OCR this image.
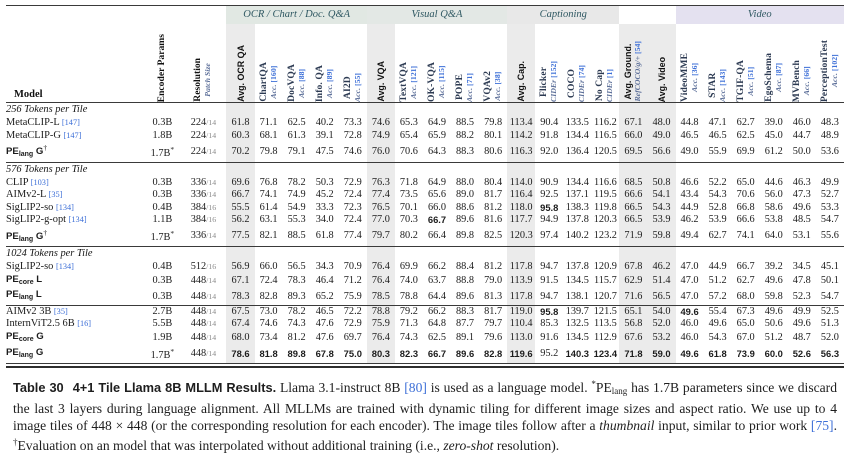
			OCR / Chart / Doc. Q&A					Visual Q&A					Captioning						Video					

Model	Encoder Params	Resolution Patch Size	Avg. OCR QA	ChartQA Acc. [160]	DocVQA Acc. [88]	Info. QA Acc. [89]	AI2D Acc. [55]	Avg. VQA	TextVQA Acc. [121]	OK-VQA Acc. [115]	POPE Acc. [71]	VQAv2 Acc. [38]	Avg. Cap.	Flicker CIDEr [152]	COCO CIDEr [74]	No Cap CIDEr [1]	Avg. Ground. RefCOCO/g/+ [54]	Avg. Video	VideoMME Acc. [36]	STAR Acc. [143]	TGIF-QA Acc. [51]	EgoSchema Acc. [87]	MVBench Acc. [66]	PerceptionTest Acc. [102]

256 Tokens per Tile																								
MetaCLIP-L [147]	0.3B	224/14	61.8	71.1	62.5	40.2	73.3	74.6	65.3	64.9	88.5	79.8	113.4	90.4	133.5	116.2	67.1	48.0	44.8	47.1	62.7	39.0	46.0	48.3
MetaCLIP-G [147]	1.8B	224/14	60.3	68.1	61.3	39.1	72.8	74.9	65.4	65.9	88.2	80.1	114.2	91.8	134.4	116.5	66.0	49.0	46.5	46.5	62.5	45.0	44.7	48.9
PElang G†	1.7B*	224/14	70.2	79.8	79.1	47.5	74.6	76.0	70.6	64.3	88.3	80.6	116.3	92.0	136.4	120.5	69.5	56.6	49.0	55.9	69.9	61.2	50.0	53.6
576 Tokens per Tile																								
CLIP [103]	0.3B	336/14	69.6	76.8	78.2	50.3	72.9	76.3	71.8	64.9	88.0	80.4	114.0	90.9	134.4	116.6	68.5	50.8	46.6	52.2	65.0	44.6	46.3	49.9
AIMv2-L [35]	0.3B	336/14	66.7	74.1	74.9	45.2	72.4	77.4	73.5	65.6	89.0	81.7	116.4	92.5	137.1	119.5	66.6	54.1	43.4	54.3	70.6	56.0	47.3	52.7
SigLIP2-so [134]	0.4B	384/16	55.5	61.4	54.9	33.3	72.3	76.5	70.1	66.0	88.6	81.2	118.0	95.8	138.3	119.8	66.5	54.3	44.9	52.8	66.8	58.6	49.6	53.3
SigLIP2-g-opt [134]	1.1B	384/16	56.2	63.1	55.3	34.0	72.4	77.0	70.3	66.7	89.6	81.6	117.7	94.9	137.8	120.3	66.5	53.9	46.2	53.9	66.6	53.8	48.5	54.7
PElang G†	1.7B*	336/14	77.5	82.1	88.5	61.8	77.4	79.7	80.2	66.4	89.8	82.5	120.3	97.4	140.2	123.2	71.9	59.8	49.4	62.7	74.1	64.0	53.1	55.6
1024 Tokens per Tile																								
SigLIP2-so [134]	0.4B	512/16	56.9	66.0	56.5	34.3	70.9	76.4	69.9	66.2	88.4	81.2	117.8	94.7	137.8	120.9	67.8	46.2	47.0	44.9	66.7	39.2	34.5	45.1
PEcore L	0.3B	448/14	67.1	72.4	78.3	46.4	71.2	76.4	74.0	63.7	88.8	79.0	113.9	91.5	134.5	115.7	62.9	51.4	47.0	51.2	62.7	49.6	47.8	50.1
PElang L	0.3B	448/14	78.3	82.8	89.3	65.2	75.9	78.5	78.8	64.4	89.6	81.3	117.8	94.7	138.1	120.7	71.6	56.5	47.0	57.2	68.0	59.8	52.3	54.7
AIMv2 3B [35]	2.7B	448/14	67.5	73.0	78.2	46.5	72.2	78.8	79.2	66.2	88.3	81.7	119.0	95.8	139.7	121.5	65.1	54.0	49.6	55.4	67.3	49.6	49.9	52.5
InternViT2.5 6B [16]	5.5B	448/14	67.4	74.6	74.3	47.6	72.9	75.9	71.3	64.8	87.7	79.7	110.4	85.3	132.5	113.5	56.8	52.0	46.0	49.6	65.0	50.6	49.6	51.3
PEcore G	1.9B	448/14	68.0	73.4	81.2	47.6	69.7	76.4	74.3	62.5	89.1	79.6	113.0	91.6	134.5	112.9	67.6	53.2	46.0	54.3	67.0	51.2	48.7	52.0
PElang G	1.7B*	448/14	78.6	81.8	89.8	67.8	75.0	80.3	82.3	66.7	89.6	82.8	119.6	95.2	140.3	123.4	71.8	59.0	49.6	61.8	73.9	60.0	52.6	56.3

Table 30 4+1 Tile Llama 8B MLLM Results. Llama 3.1-instruct 8B [80] is used as a language model. $^*PE_{lang}$ has 1.7B parameters since we discard the last 3 layers during language alignment. All MLLMs are trained with dynamic tiling for different image sizes and aspect ratio. We use up to 4 image tiles of 448 × 448 (or the corresponding resolution for each encoder). The image tiles follow after a thumbnail input, similar to prior work [75]. †Evaluation on an model that was interpolated without additional training (i.e., zero-shot resolution).
